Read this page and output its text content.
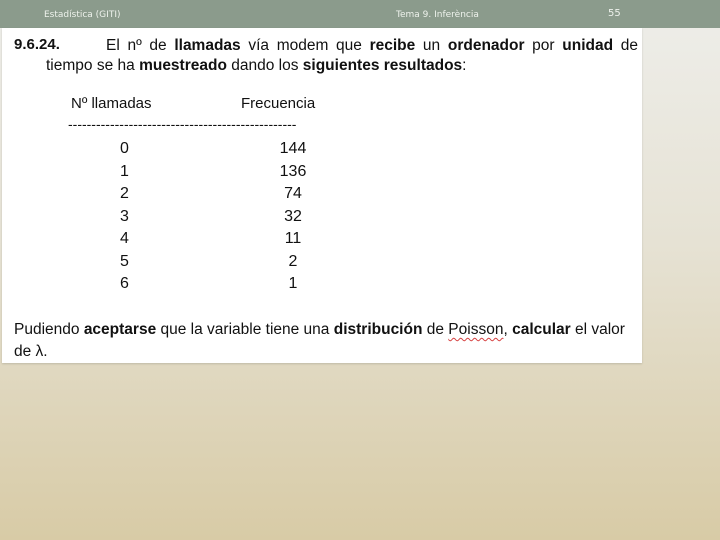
Estadística (GITI)	Tema 9. Inferència	55
9.6.24.	El nº de llamadas vía modem que recibe un ordenador por unidad de tiempo se ha muestreado dando los siguientes resultados:
Nº llamadas	Frecuencia
-------------------------------------------------
0	144
1	136
2	74
3	32
4	11
5	2
6	1
Pudiendo aceptarse que la variable tiene una distribución de Poisson, calcular el valor de λ.
